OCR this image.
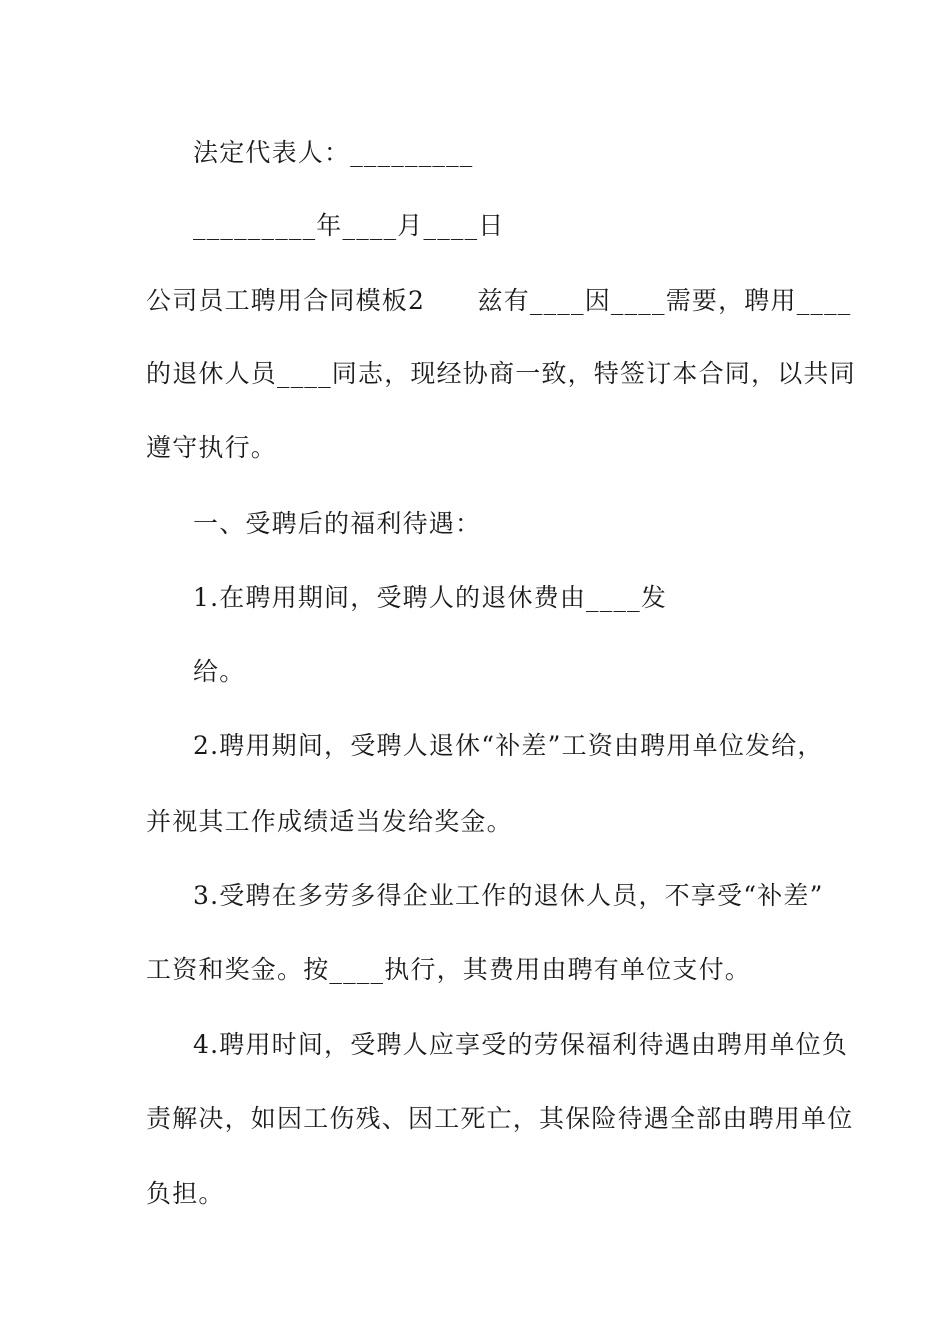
法定代表人：_________

_________年____月____日

公司员工聘用合同模板2　　兹有____因____需要，聘用____

的退休人员____同志，现经协商一致，特签订本合同，以共同

遵守执行。

一、受聘后的福利待遇：

1.在聘用期间，受聘人的退休费由____发

给。

2.聘用期间，受聘人退休“补差”工资由聘用单位发给，

并视其工作成绩适当发给奖金。

3.受聘在多劳多得企业工作的退休人员，不享受“补差”

工资和奖金。按____执行，其费用由聘有单位支付。

4.聘用时间，受聘人应享受的劳保福利待遇由聘用单位负

责解决，如因工伤残、因工死亡，其保险待遇全部由聘用单位

负担。
